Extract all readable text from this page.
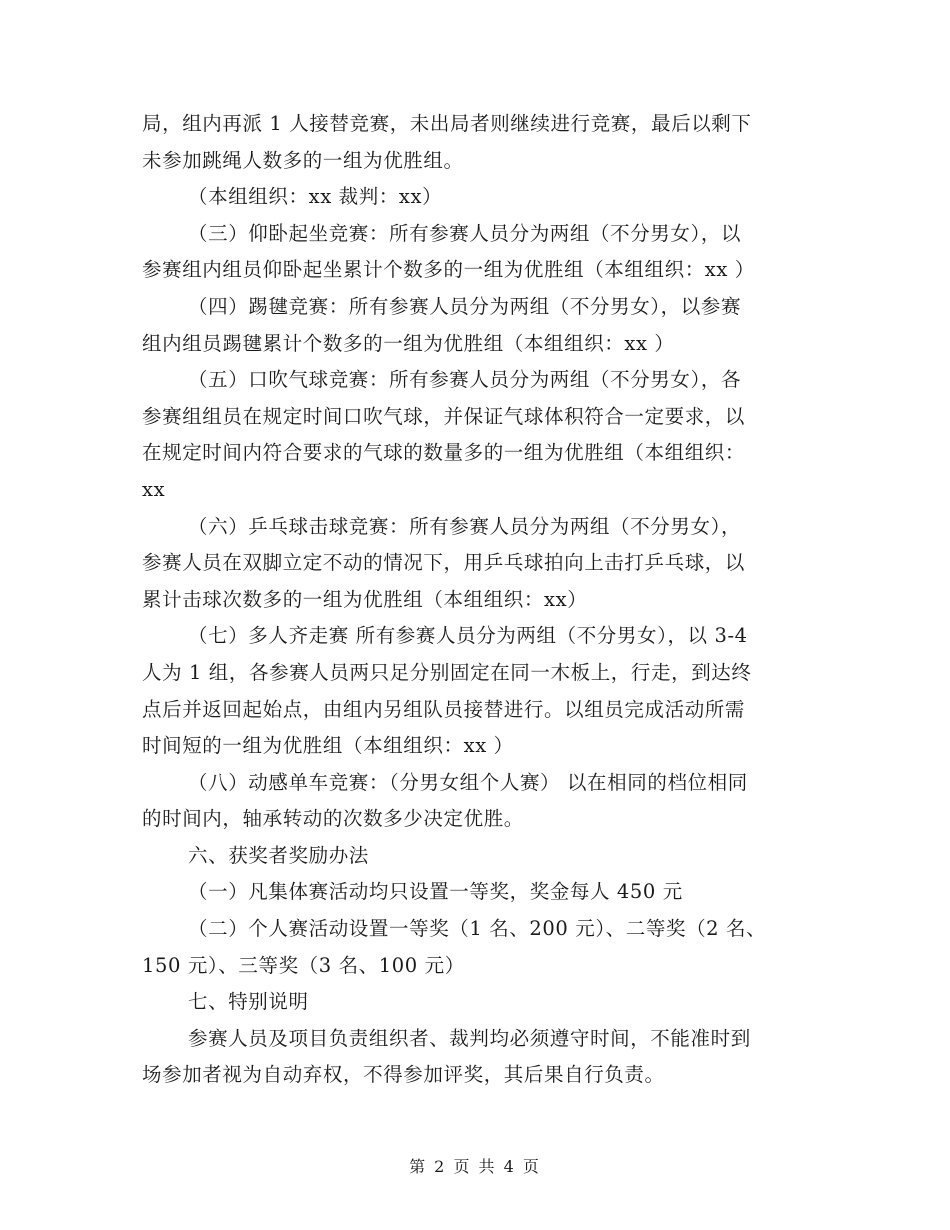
局，组内再派 1 人接替竞赛，未出局者则继续进行竞赛，最后以剩下
未参加跳绳人数多的一组为优胜组。
（本组组织：xx 裁判：xx）
（三）仰卧起坐竞赛：所有参赛人员分为两组（不分男女），以
参赛组内组员仰卧起坐累计个数多的一组为优胜组（本组组织：xx ）
（四）踢毽竞赛：所有参赛人员分为两组（不分男女），以参赛
组内组员踢毽累计个数多的一组为优胜组（本组组织：xx ）
（五）口吹气球竞赛：所有参赛人员分为两组（不分男女），各
参赛组组员在规定时间口吹气球，并保证气球体积符合一定要求，以
在规定时间内符合要求的气球的数量多的一组为优胜组（本组组织：
xx
（六）乒乓球击球竞赛：所有参赛人员分为两组（不分男女），
参赛人员在双脚立定不动的情况下，用乒乓球拍向上击打乒乓球，以
累计击球次数多的一组为优胜组（本组组织：xx）
（七）多人齐走赛 所有参赛人员分为两组（不分男女），以 3-4
人为 1 组，各参赛人员两只足分别固定在同一木板上，行走，到达终
点后并返回起始点，由组内另组队员接替进行。以组员完成活动所需
时间短的一组为优胜组（本组组织：xx ）
（八）动感单车竞赛：（分男女组个人赛） 以在相同的档位相同
的时间内，轴承转动的次数多少决定优胜。
六、获奖者奖励办法
（一）凡集体赛活动均只设置一等奖，奖金每人 450 元
（二）个人赛活动设置一等奖（1 名、200 元）、二等奖（2 名、
150 元）、三等奖（3 名、100 元）
七、特别说明
参赛人员及项目负责组织者、裁判均必须遵守时间，不能准时到
场参加者视为自动弃权，不得参加评奖，其后果自行负责。
第 2 页 共 4 页
